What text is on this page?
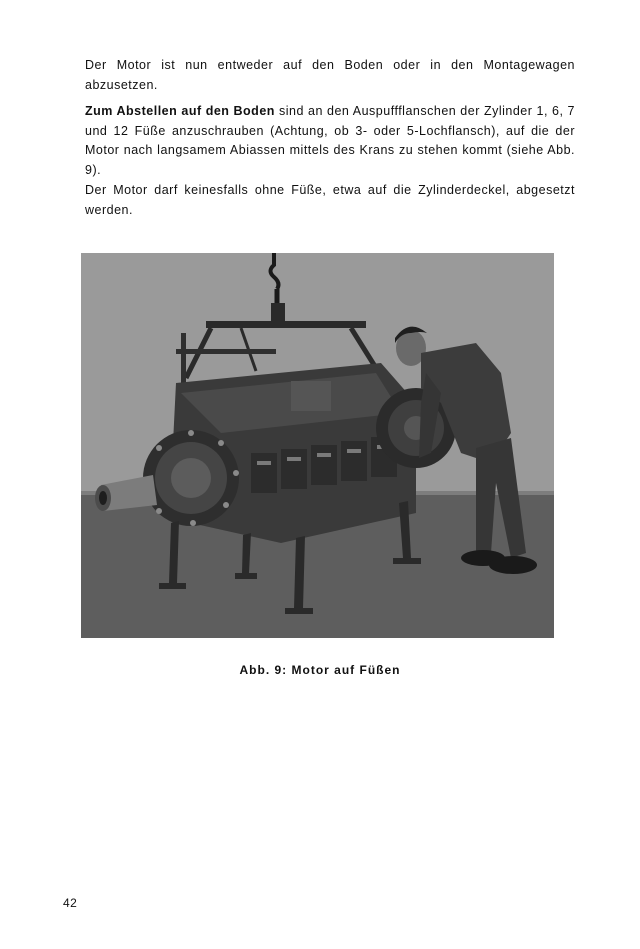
Der Motor ist nun entweder auf den Boden oder in den Montagewagen abzusetzen.

Zum Abstellen auf den Boden sind an den Auspuffflanschen der Zylinder 1, 6, 7 und 12 Füße anzuschrauben (Achtung, ob 3- oder 5-Lochflansch), auf die der Motor nach langsamem Abiassen mittels des Krans zu stehen kommt (siehe Abb. 9).

Der Motor darf keinesfalls ohne Füße, etwa auf die Zylinderdeckel, abgesetzt werden.

Abb. 9: Motor auf Füßen
42
